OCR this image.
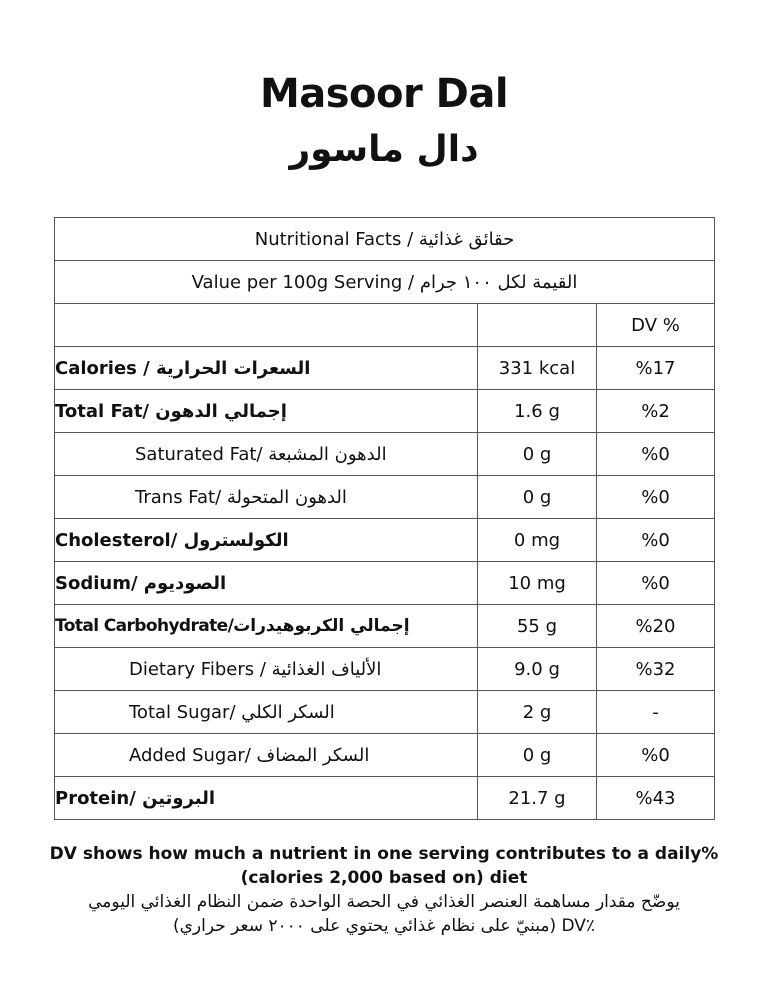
Masoor Dal
دال ماسور
Nutritional Facts / حقائق غذائية		
Value per 100g Serving / القيمة لكل ١٠٠ جرام		
		DV %
Calories / السعرات الحرارية	331 kcal	%17
Total Fat/ إجمالي الدهون	1.6 g	%2
Saturated Fat/ الدهون المشبعة	0 g	%0
Trans Fat/ الدهون المتحولة	0 g	%0
Cholesterol/ الكولسترول	0 mg	%0
Sodium/ الصوديوم	10 mg	%0
Total Carbohydrate/إجمالي الكربوهيدرات	55 g	%20
Dietary Fibers / الألياف الغذائية	9.0 g	%32
Total Sugar/ السكر الكلي	2 g	-
Added Sugar/ السكر المضاف	0 g	%0
Protein/ البروتين	21.7 g	%43
DV shows how much a nutrient in one serving contributes to a daily%
(calories 2,000 based on) diet
يوضّح مقدار مساهمة العنصر الغذائي في الحصة الواحدة ضمن النظام الغذائي اليومي
(مبنيّ على نظام غذائي يحتوي على ٢٠٠٠ سعر حراري) DV٪
